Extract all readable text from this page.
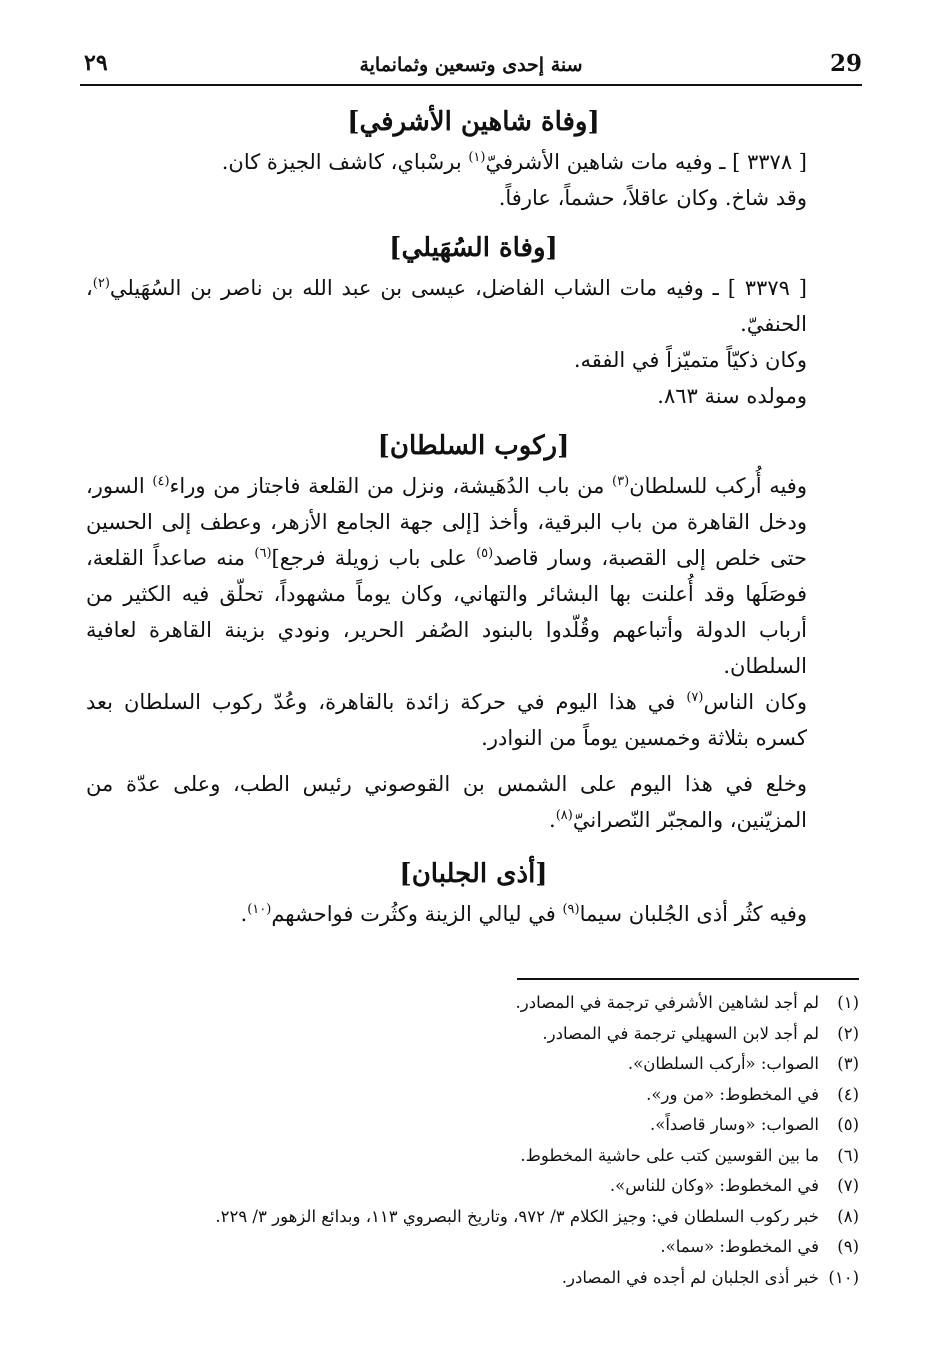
29
سنة إحدى وتسعين وثمانماية
٢٩
[وفاة شاهين الأشرفي]

[ ٣٣٧٨ ] ـ وفيه مات شاهين الأشرفيّ$^{(١)}$ برسْباي، كاشف الجيزة كان.

وقد شاخ. وكان عاقلاً، حشماً، عارفاً.

[وفاة السُهَيلي]

[ ٣٣٧٩ ] ـ وفيه مات الشاب الفاضل، عيسى بن عبد الله بن ناصر بن السُهَيلي$^{(٢)}$، الحنفيّ.

وكان ذكيّاً متميّزاً في الفقه.

ومولده سنة ٨٦٣.

[ركوب السلطان]

وفيه أُركب للسلطان$^{(٣)}$ من باب الدُهَيشة، ونزل من القلعة فاجتاز من وراء$^{(٤)}$ السور، ودخل القاهرة من باب البرقية، وأخذ [إلى جهة الجامع الأزهر، وعطف إلى الحسين حتى خلص إلى القصبة، وسار قاصد$^{(٥)}$ على باب زويلة فرجع]$^{(٦)}$ منه صاعداً القلعة، فوصَلَها وقد أُعلنت بها البشائر والتهاني، وكان يوماً مشهوداً، تحلّق فيه الكثير من أرباب الدولة وأتباعهم وقُلّدوا بالبنود الصُفر الحرير، ونودي بزينة القاهرة لعافية السلطان.

وكان الناس$^{(٧)}$ في هذا اليوم في حركة زائدة بالقاهرة، وعُدّ ركوب السلطان بعد كسره بثلاثة وخمسين يوماً من النوادر.

وخلع في هذا اليوم على الشمس بن القوصوني رئيس الطب، وعلى عدّة من المزيّنين، والمجبّر النّصرانيّ$^{(٨)}$.

[أذى الجلبان]

وفيه كثُر أذى الجُلبان سيما$^{(٩)}$ في ليالي الزينة وكثُرت فواحشهم$^{(١٠)}$.

(١)لم أجد لشاهين الأشرفي ترجمة في المصادر.

(٢)لم أجد لابن السهيلي ترجمة في المصادر.

(٣)الصواب: «أركب السلطان».

(٤)في المخطوط: «من ور».

(٥)الصواب: «وسار قاصداً».

(٦)ما بين القوسين كتب على حاشية المخطوط.

(٧)في المخطوط: «وكان للناس».

(٨)خبر ركوب السلطان في: وجيز الكلام ٣/ ٩٧٢، وتاريخ البصروي ١١٣، وبدائع الزهور ٣/ ٢٢٩.

(٩)في المخطوط: «سما».

(١٠)خبر أذى الجلبان لم أجده في المصادر.
